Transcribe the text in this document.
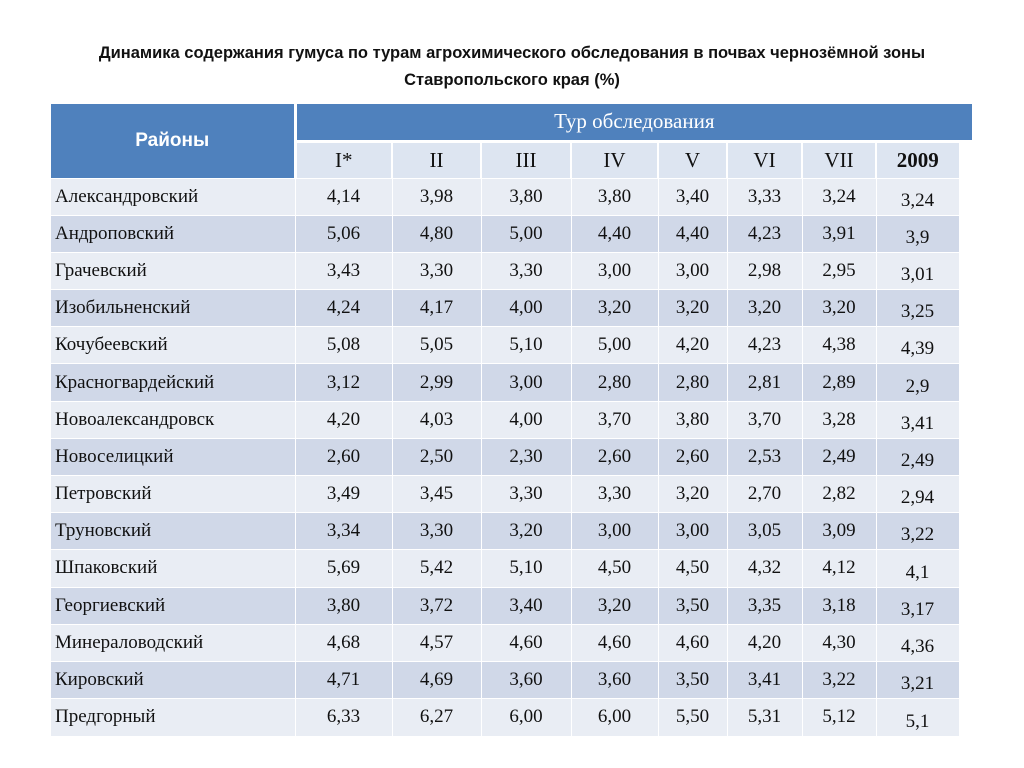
Динамика содержания гумуса по турам агрохимического обследования в почвах чернозёмной зоны
Ставропольского края (%)
Районы	Тур обследования								
	I*	II	III	IV	V	VI	VII	2009	
Александровский	4,14	3,98	3,80	3,80	3,40	3,33	3,24	3,24	
Андроповский	5,06	4,80	5,00	4,40	4,40	4,23	3,91	3,9	
Грачевский	3,43	3,30	3,30	3,00	3,00	2,98	2,95	3,01	
Изобильненский	4,24	4,17	4,00	3,20	3,20	3,20	3,20	3,25	
Кочубеевский	5,08	5,05	5,10	5,00	4,20	4,23	4,38	4,39	
Красногвардейский	3,12	2,99	3,00	2,80	2,80	2,81	2,89	2,9	
Новоалександровск	4,20	4,03	4,00	3,70	3,80	3,70	3,28	3,41	
Новоселицкий	2,60	2,50	2,30	2,60	2,60	2,53	2,49	2,49	
Петровский	3,49	3,45	3,30	3,30	3,20	2,70	2,82	2,94	
Труновский	3,34	3,30	3,20	3,00	3,00	3,05	3,09	3,22	
Шпаковский	5,69	5,42	5,10	4,50	4,50	4,32	4,12	4,1	
Георгиевский	3,80	3,72	3,40	3,20	3,50	3,35	3,18	3,17	
Минераловодский	4,68	4,57	4,60	4,60	4,60	4,20	4,30	4,36	
Кировский	4,71	4,69	3,60	3,60	3,50	3,41	3,22	3,21	
Предгорный	6,33	6,27	6,00	6,00	5,50	5,31	5,12	5,1	
